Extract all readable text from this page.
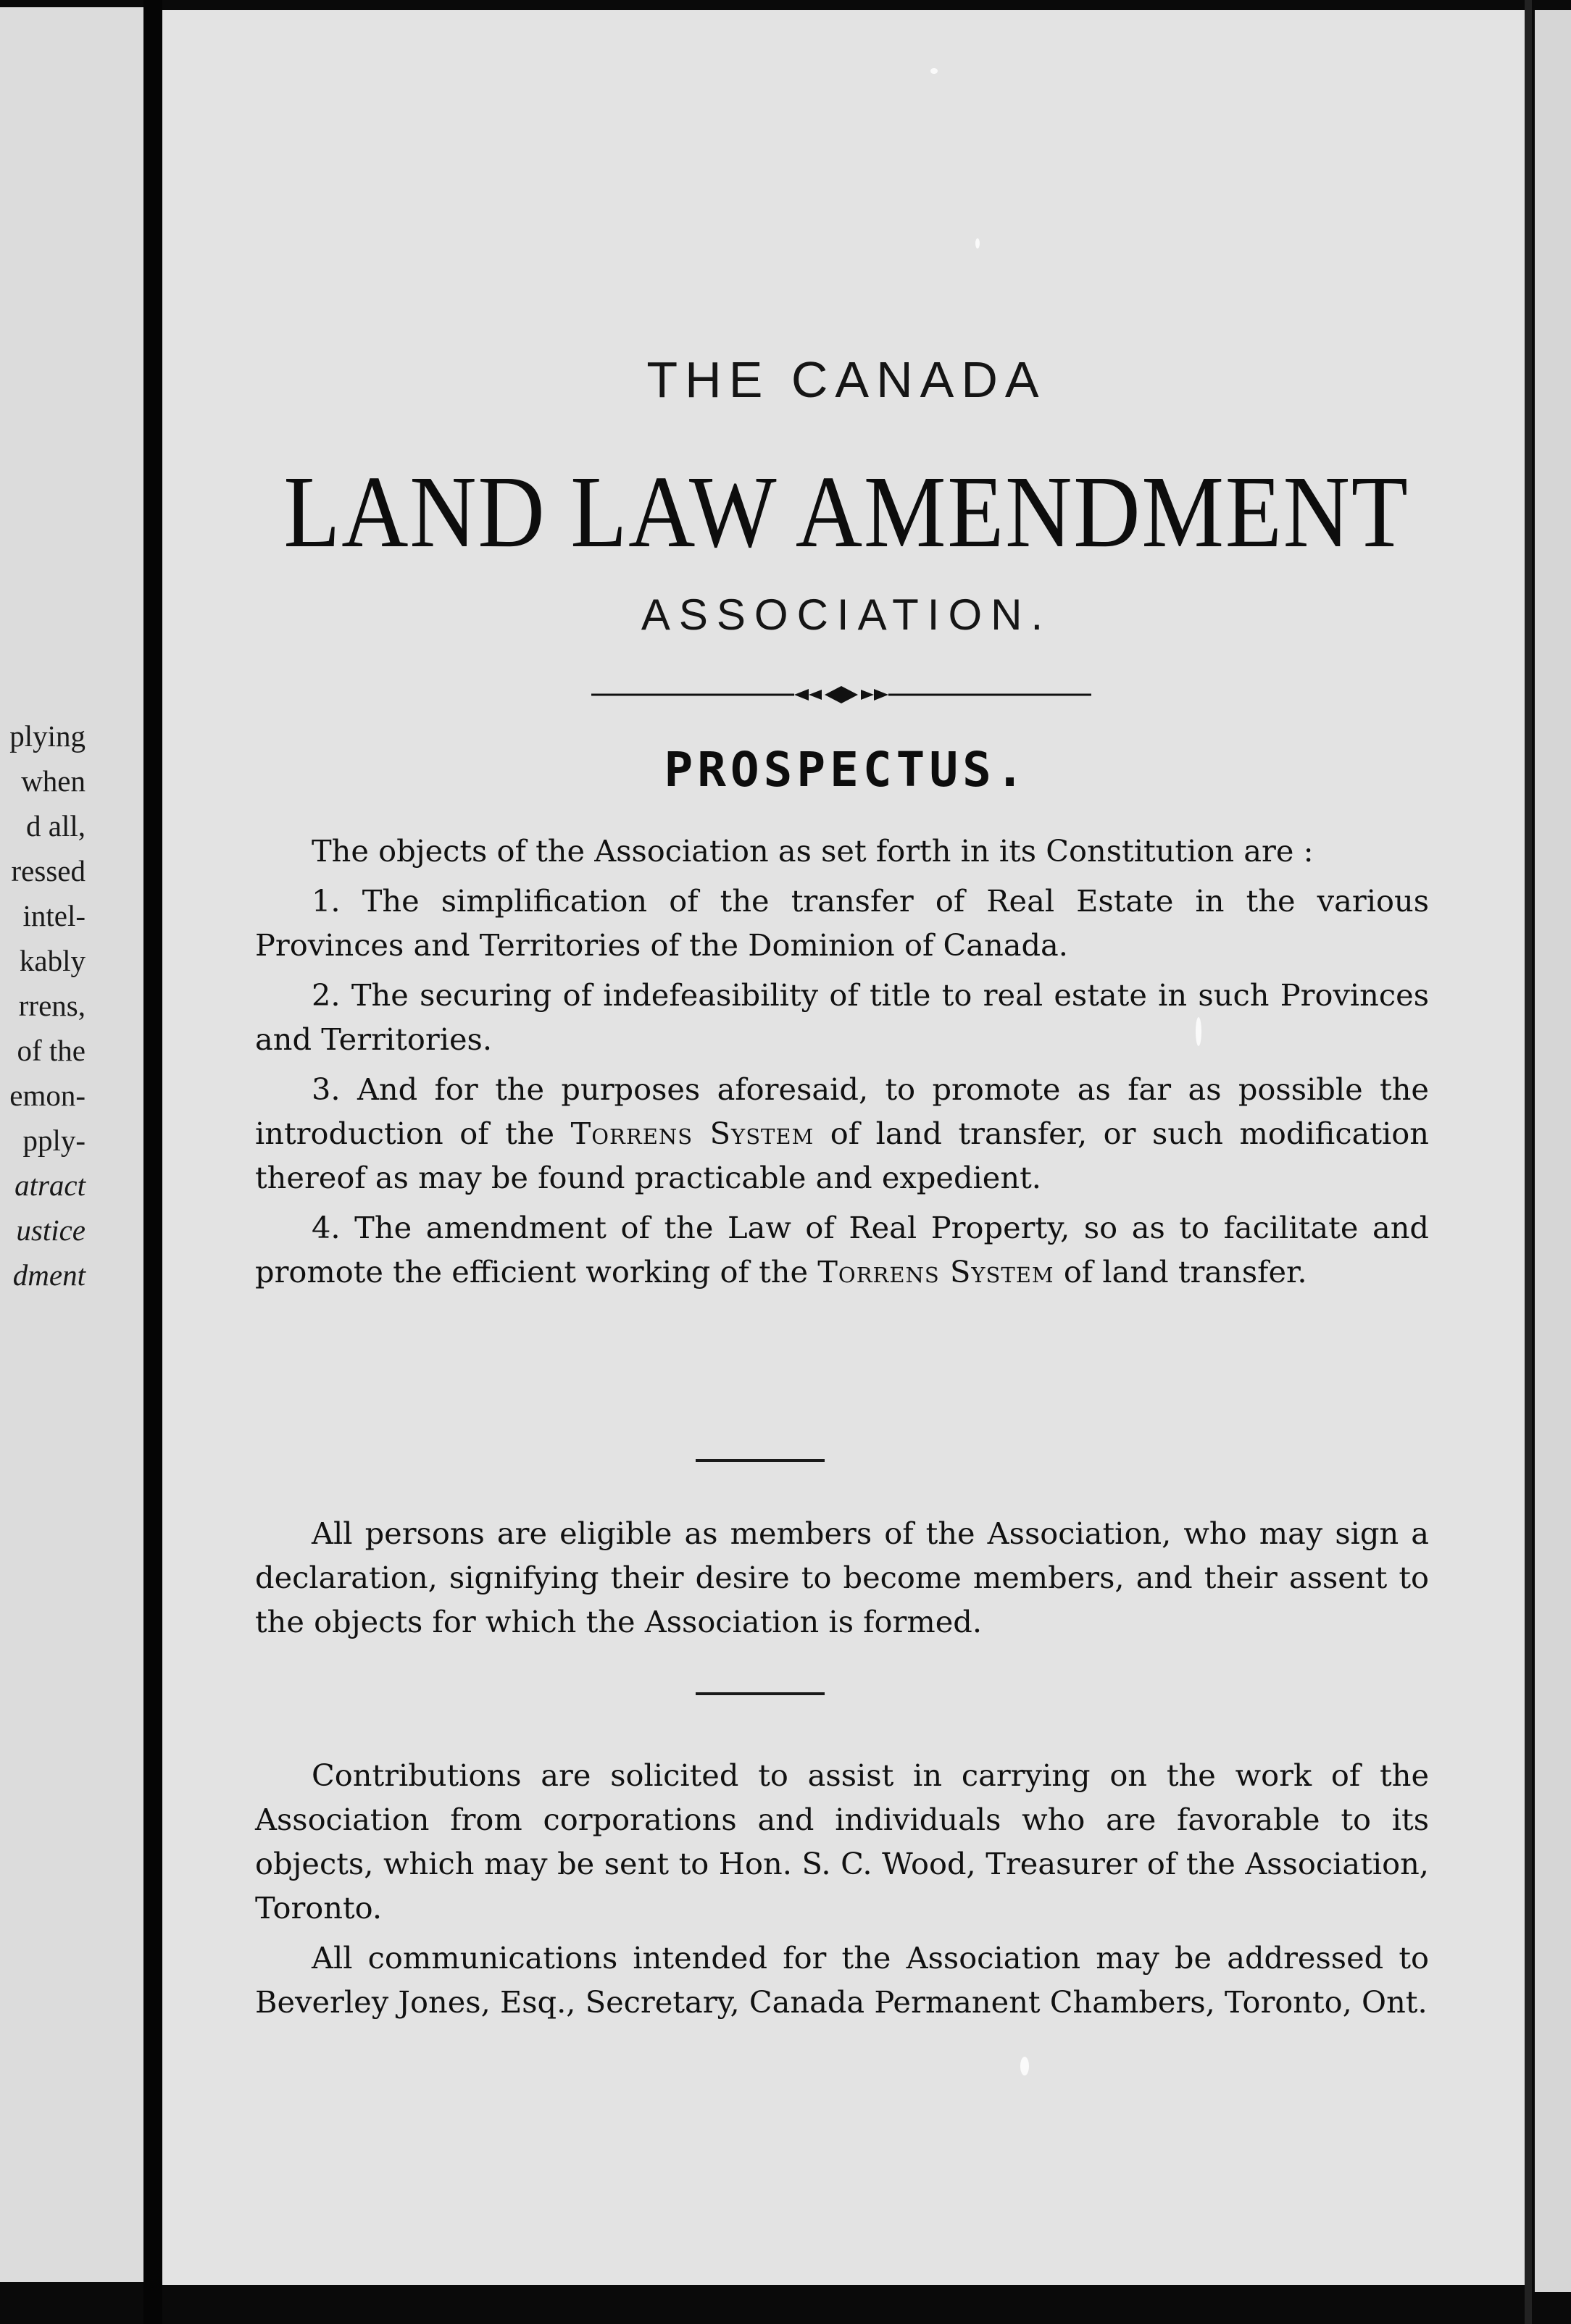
plying
when
d all,
ressed
intel-
kably
rrens,
of the
emon-
pply-
atract
ustice
dment
THE CANADA
LAND LAW AMENDMENT
ASSOCIATION.
PROSPECTUS.

The objects of the Association as set forth in its Constitution are :

1. The simplification of the transfer of Real Estate in the various Provinces and Territories of the Dominion of Canada.

2. The securing of indefeasibility of title to real estate in such Provinces and Territories.

3. And for the purposes aforesaid, to promote as far as possible the introduction of the Torrens System of land transfer, or such modification thereof as may be found practicable and expedient.

4. The amendment of the Law of Real Property, so as to facilitate and promote the efficient working of the Torrens System of land transfer.

All persons are eligible as members of the Association, who may sign a declaration, signifying their desire to become members, and their assent to the objects for which the Association is formed.

Contributions are solicited to assist in carrying on the work of the Association from corporations and individuals who are favorable to its objects, which may be sent to Hon. S. C. Wood, Treasurer of the Association, Toronto.

All communications intended for the Association may be addressed to Beverley Jones, Esq., Secretary, Canada Permanent Chambers, Toronto, Ont.
